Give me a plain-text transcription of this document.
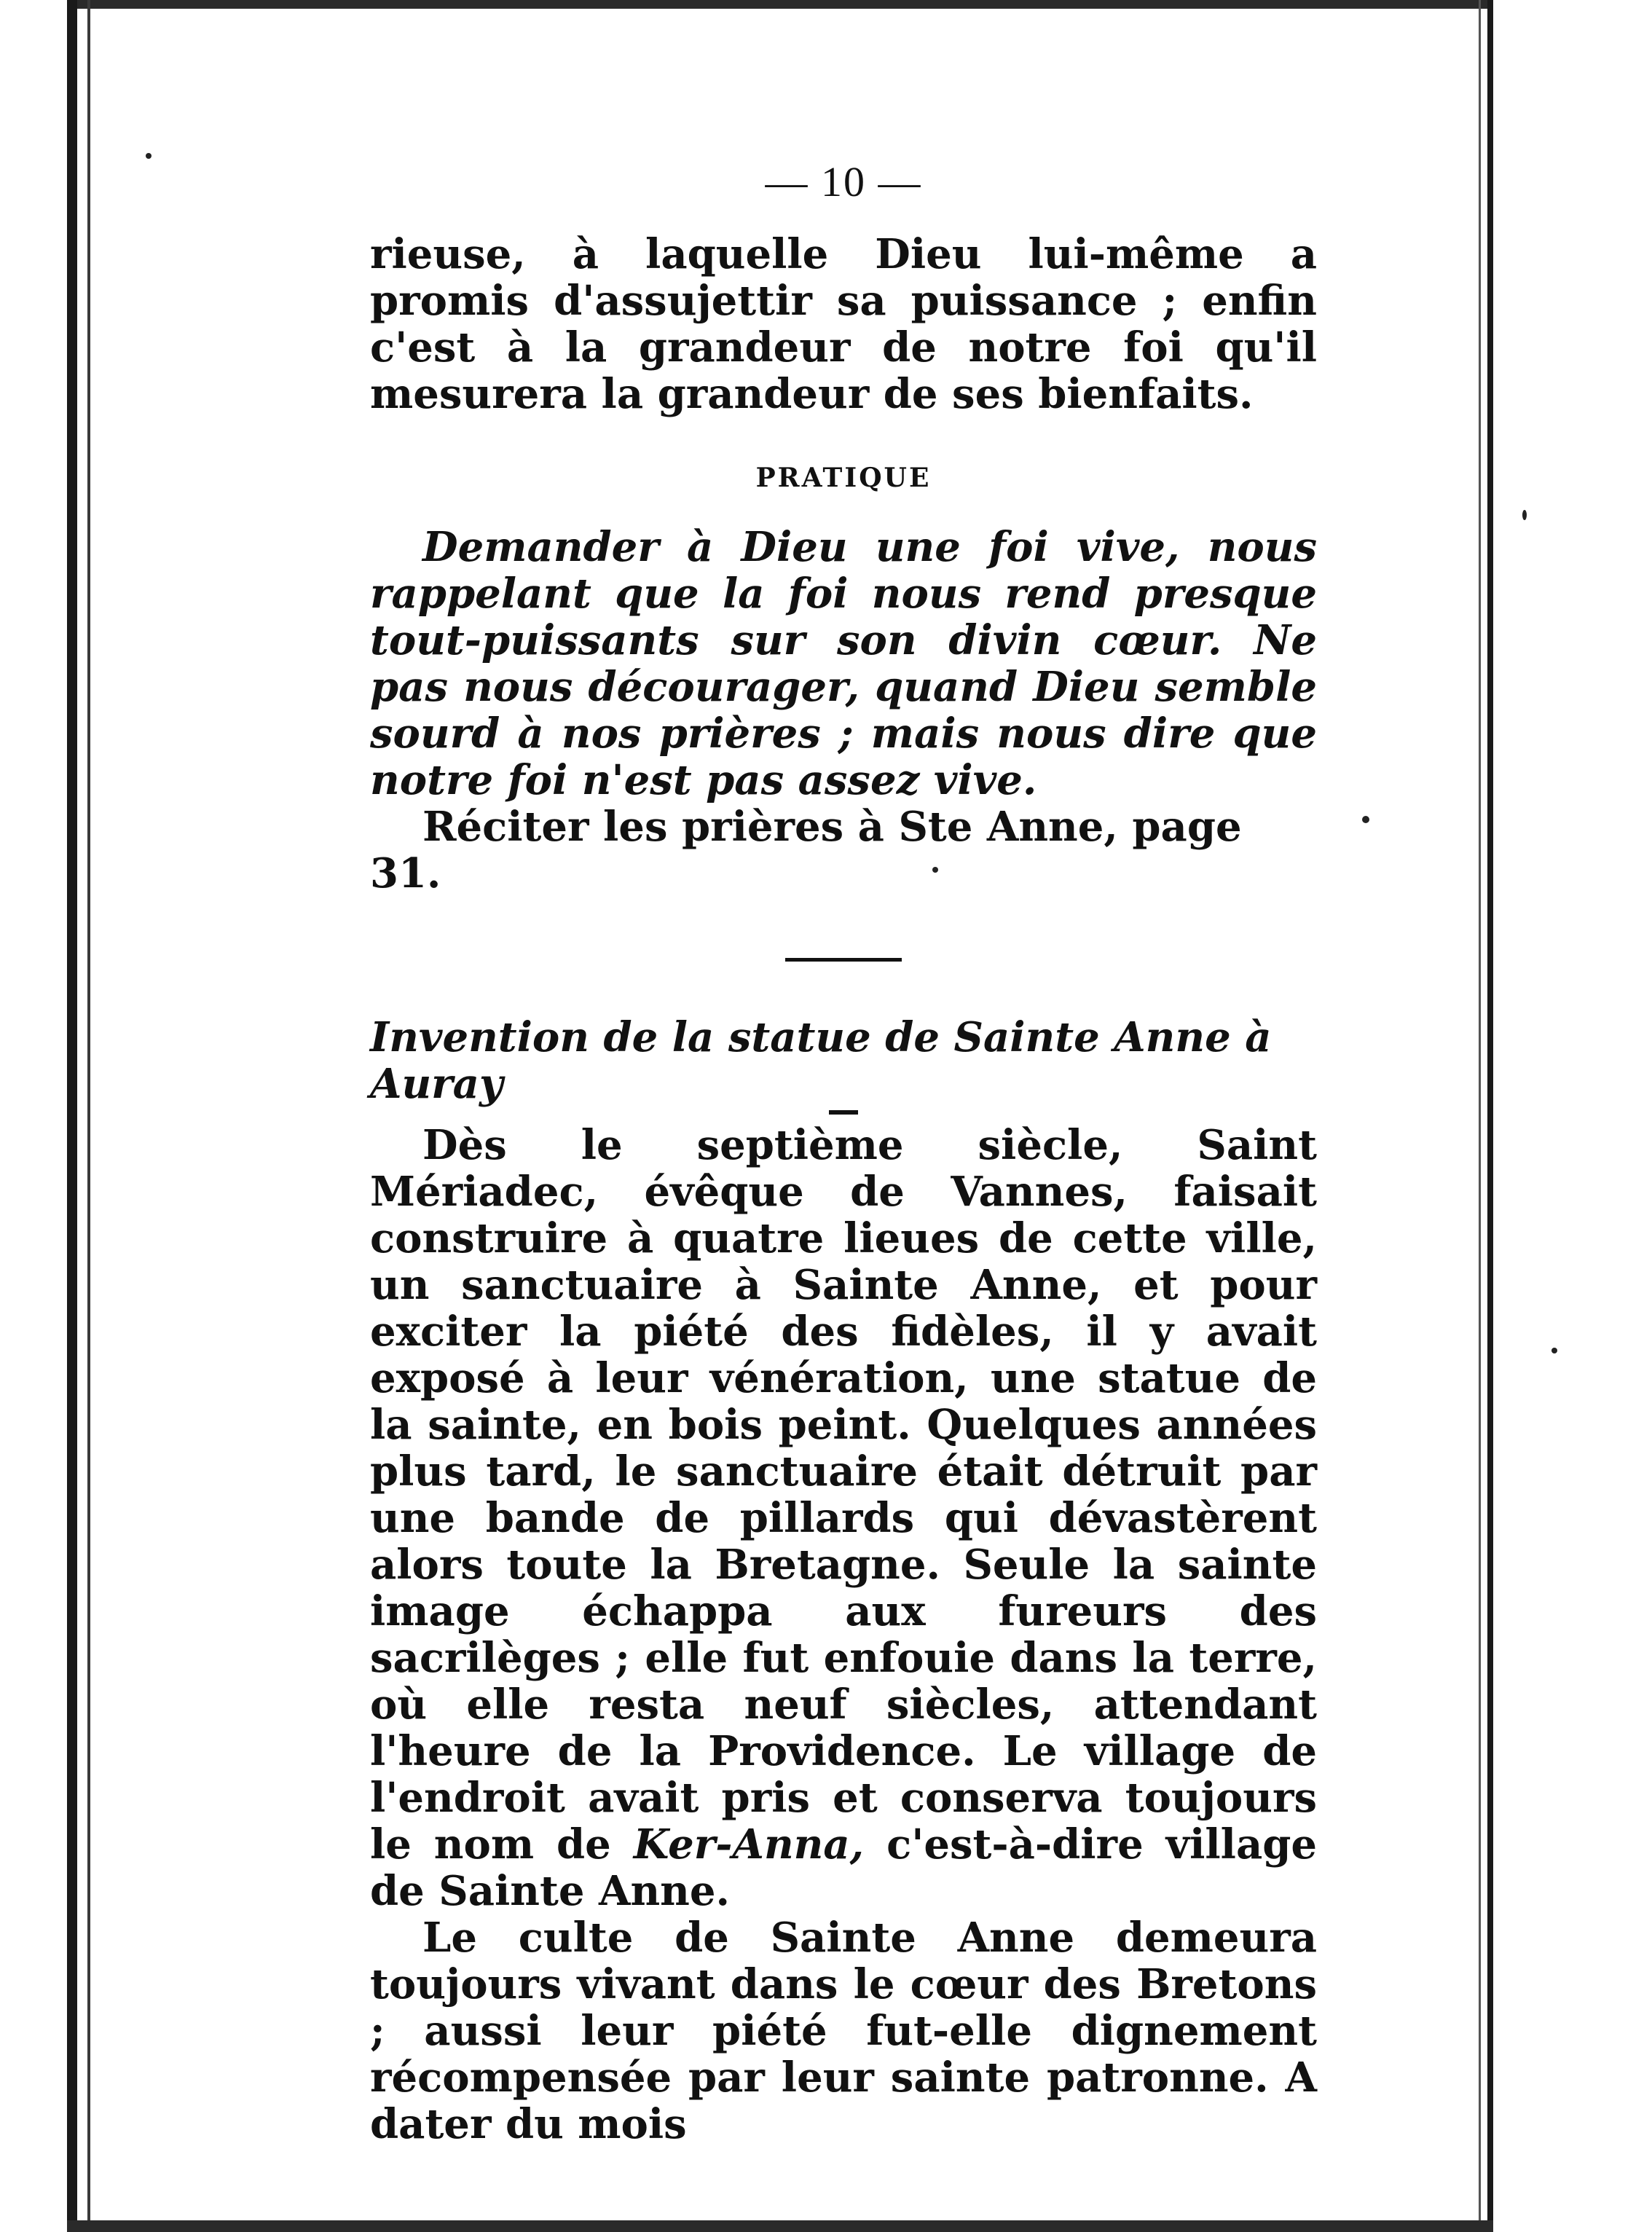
— 10 —

rieuse, à laquelle Dieu lui-même a promis d'assujettir sa puissance ; enfin c'est à la grandeur de notre foi qu'il mesurera la grandeur de ses bienfaits.

PRATIQUE

Demander à Dieu une foi vive, nous rappelant que la foi nous rend presque tout-puissants sur son divin cœur. Ne pas nous décourager, quand Dieu semble sourd à nos prières ; mais nous dire que notre foi n'est pas assez vive.

Réciter les prières à Ste Anne, page 31.

Invention de la statue de Sainte Anne à Auray

Dès le septième siècle, Saint Mériadec, évêque de Vannes, faisait construire à quatre lieues de cette ville, un sanctuaire à Sainte Anne, et pour exciter la piété des fidèles, il y avait exposé à leur vénération, une statue de la sainte, en bois peint. Quelques années plus tard, le sanctuaire était détruit par une bande de pillards qui dévastèrent alors toute la Bretagne. Seule la sainte image échappa aux fureurs des sacrilèges ; elle fut enfouie dans la terre, où elle resta neuf siècles, attendant l'heure de la Providence. Le village de l'endroit avait pris et conserva toujours le nom de Ker-Anna, c'est-à-dire village de Sainte Anne.

Le culte de Sainte Anne demeura toujours vivant dans le cœur des Bretons ; aussi leur piété fut-elle dignement récompensée par leur sainte patronne. A dater du mois
